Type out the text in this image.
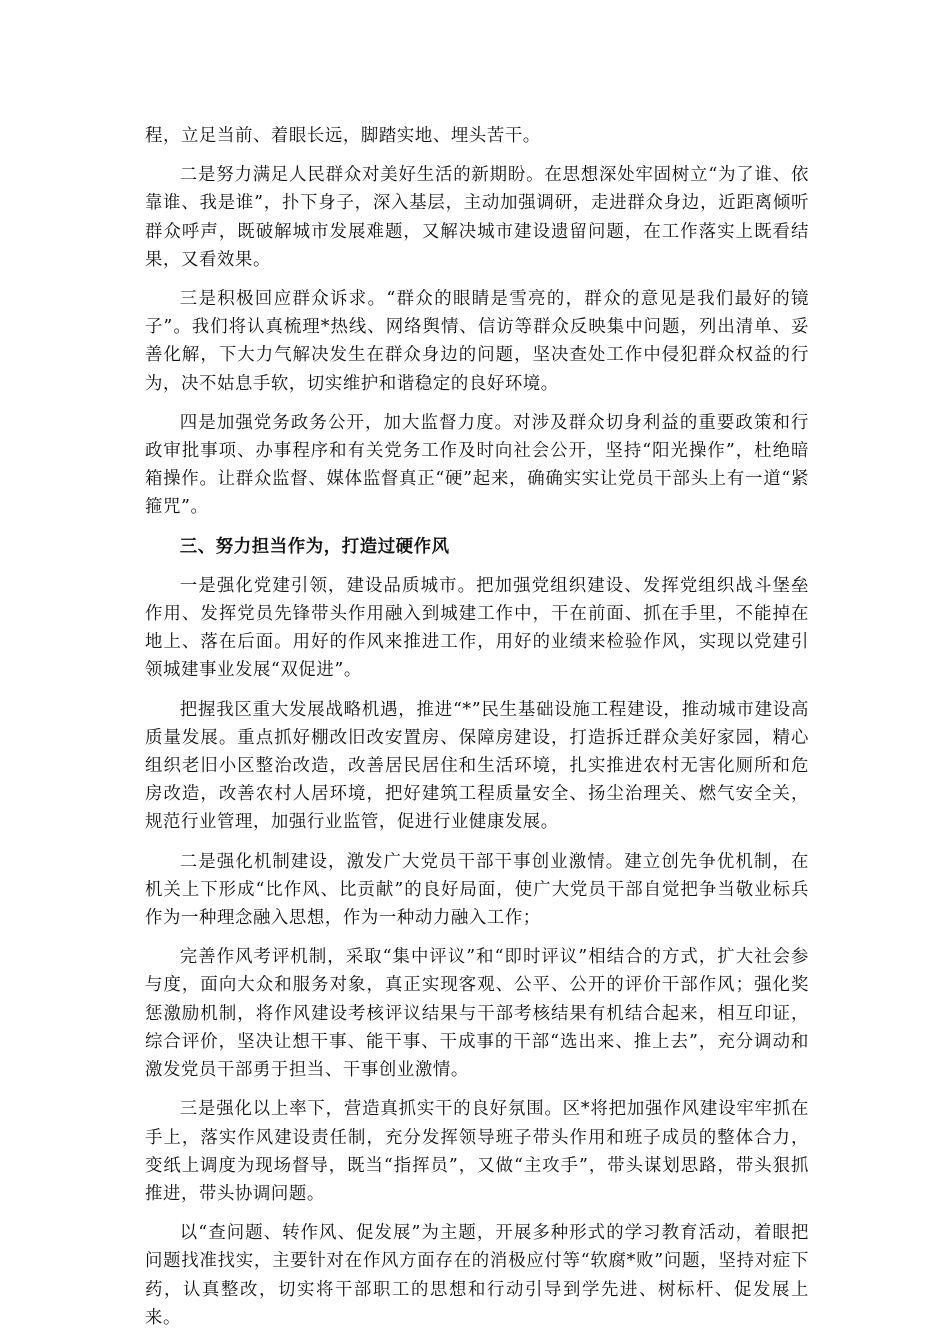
程，立足当前、着眼长远，脚踏实地、埋头苦干。

二是努力满足人民群众对美好生活的新期盼。在思想深处牢固树立“为了谁、依靠谁、我是谁”，扑下身子，深入基层，主动加强调研，走进群众身边，近距离倾听群众呼声，既破解城市发展难题，又解决城市建设遗留问题，在工作落实上既看结果，又看效果。

三是积极回应群众诉求。“群众的眼睛是雪亮的，群众的意见是我们最好的镜子”。我们将认真梳理*热线、网络舆情、信访等群众反映集中问题，列出清单、妥善化解，下大力气解决发生在群众身边的问题，坚决查处工作中侵犯群众权益的行为，决不姑息手软，切实维护和谐稳定的良好环境。

四是加强党务政务公开，加大监督力度。对涉及群众切身利益的重要政策和行政审批事项、办事程序和有关党务工作及时向社会公开，坚持“阳光操作”，杜绝暗箱操作。让群众监督、媒体监督真正“硬”起来，确确实实让党员干部头上有一道“紧箍咒”。

三、努力担当作为，打造过硬作风

一是强化党建引领，建设品质城市。把加强党组织建设、发挥党组织战斗堡垒作用、发挥党员先锋带头作用融入到城建工作中，干在前面、抓在手里，不能掉在地上、落在后面。用好的作风来推进工作，用好的业绩来检验作风，实现以党建引领城建事业发展“双促进”。

把握我区重大发展战略机遇，推进“*”民生基础设施工程建设，推动城市建设高质量发展。重点抓好棚改旧改安置房、保障房建设，打造拆迁群众美好家园，精心组织老旧小区整治改造，改善居民居住和生活环境，扎实推进农村无害化厕所和危房改造，改善农村人居环境，把好建筑工程质量安全、扬尘治理关、燃气安全关，规范行业管理，加强行业监管，促进行业健康发展。

二是强化机制建设，激发广大党员干部干事创业激情。建立创先争优机制，在机关上下形成“比作风、比贡献”的良好局面，使广大党员干部自觉把争当敬业标兵作为一种理念融入思想，作为一种动力融入工作；

完善作风考评机制，采取“集中评议”和“即时评议”相结合的方式，扩大社会参与度，面向大众和服务对象，真正实现客观、公平、公开的评价干部作风；强化奖惩激励机制，将作风建设考核评议结果与干部考核结果有机结合起来，相互印证，综合评价，坚决让想干事、能干事、干成事的干部“选出来、推上去”，充分调动和激发党员干部勇于担当、干事创业激情。

三是强化以上率下，营造真抓实干的良好氛围。区*将把加强作风建设牢牢抓在手上，落实作风建设责任制，充分发挥领导班子带头作用和班子成员的整体合力，变纸上调度为现场督导，既当“指挥员”，又做“主攻手”，带头谋划思路，带头狠抓推进，带头协调问题。

以“查问题、转作风、促发展”为主题，开展多种形式的学习教育活动，着眼把问题找准找实，主要针对在作风方面存在的消极应付等“软腐*败”问题，坚持对症下药，认真整改，切实将干部职工的思想和行动引导到学先进、树标杆、促发展上来。
